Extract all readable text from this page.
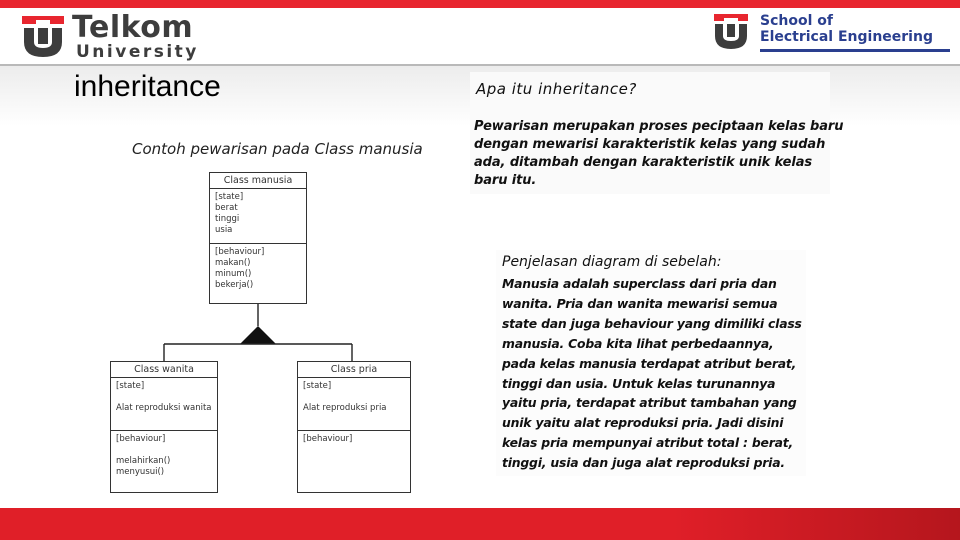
Telkom
University
School of
Electrical Engineering
inheritance
Contoh pewarisan pada Class manusia
Class manusia
[state]
berat
tinggi
usia
[behaviour]
makan()
minum()
bekerja()
Class wanita
[state]

Alat reproduksi wanita
[behaviour]

melahirkan()
menyusui()
Class pria
[state]

Alat reproduksi pria
[behaviour]
Apa itu inheritance?
Pewarisan merupakan proses peciptaan kelas baru
dengan mewarisi karakteristik kelas yang sudah
ada, ditambah dengan karakteristik unik kelas
baru itu.
Penjelasan diagram di sebelah:
Manusia adalah superclass dari pria dan
wanita. Pria dan wanita mewarisi semua
state dan juga behaviour yang dimiliki class
manusia. Coba kita lihat perbedaannya,
pada kelas manusia terdapat atribut berat,
tinggi dan usia. Untuk kelas turunannya
yaitu pria, terdapat atribut tambahan yang
unik yaitu alat reproduksi pria. Jadi disini
kelas pria mempunyai atribut total : berat,
tinggi, usia dan juga alat reproduksi pria.
